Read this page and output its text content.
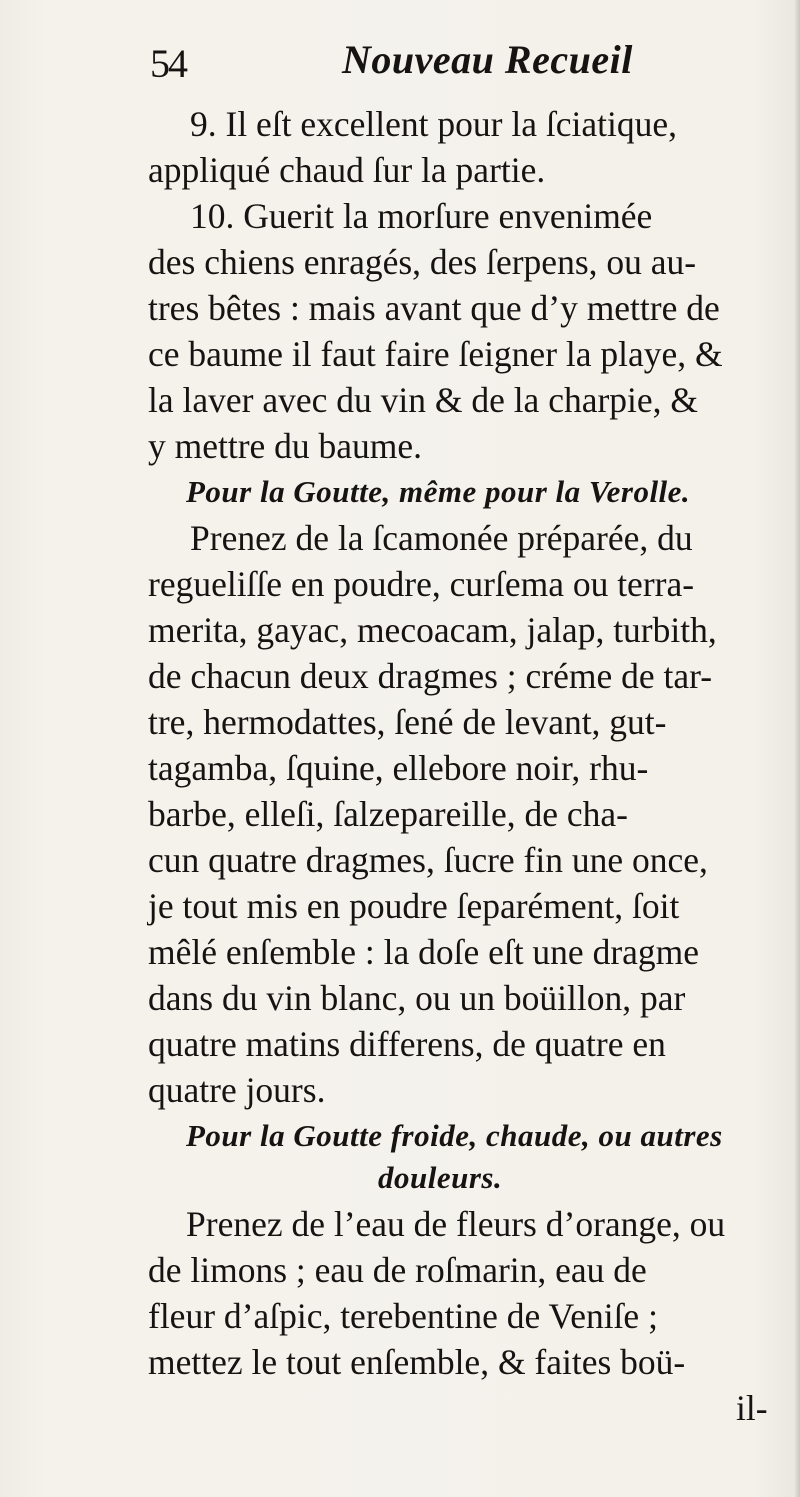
54	Nouveau Recueil
9. Il eſt excellent pour la ſciatique,
appliqué chaud ſur la partie.
10. Guerit la morſure envenimée
des chiens enragés, des ſerpens, ou au-
tres bêtes : mais avant que d’y mettre de
ce baume il faut faire ſeigner la playe, &
la laver avec du vin & de la charpie, &
y mettre du baume.
Pour la Goutte, même pour la Verolle.
Prenez de la ſcamonée préparée, du
regueliſſe en poudre, curſema ou terra-
merita, gayac, mecoacam, jalap, turbith,
de chacun deux dragmes ; créme de tar-
tre, hermodattes, ſené de levant, gut-
tagamba, ſquine, ellebore noir, rhu-
barbe, elleſi, ſalzepareille, de cha-
cun quatre dragmes, ſucre fin une once,
je tout mis en poudre ſeparément, ſoit
mêlé enſemble : la doſe eſt une dragme
dans du vin blanc, ou un boüillon, par
quatre matins differens, de quatre en
quatre jours.
Pour la Goutte froide, chaude, ou autres
douleurs.
Prenez de l’eau de fleurs d’orange, ou
de limons ; eau de roſmarin, eau de
fleur d’aſpic, terebentine de Veniſe ;
mettez le tout enſemble, & faites boü-
il-
